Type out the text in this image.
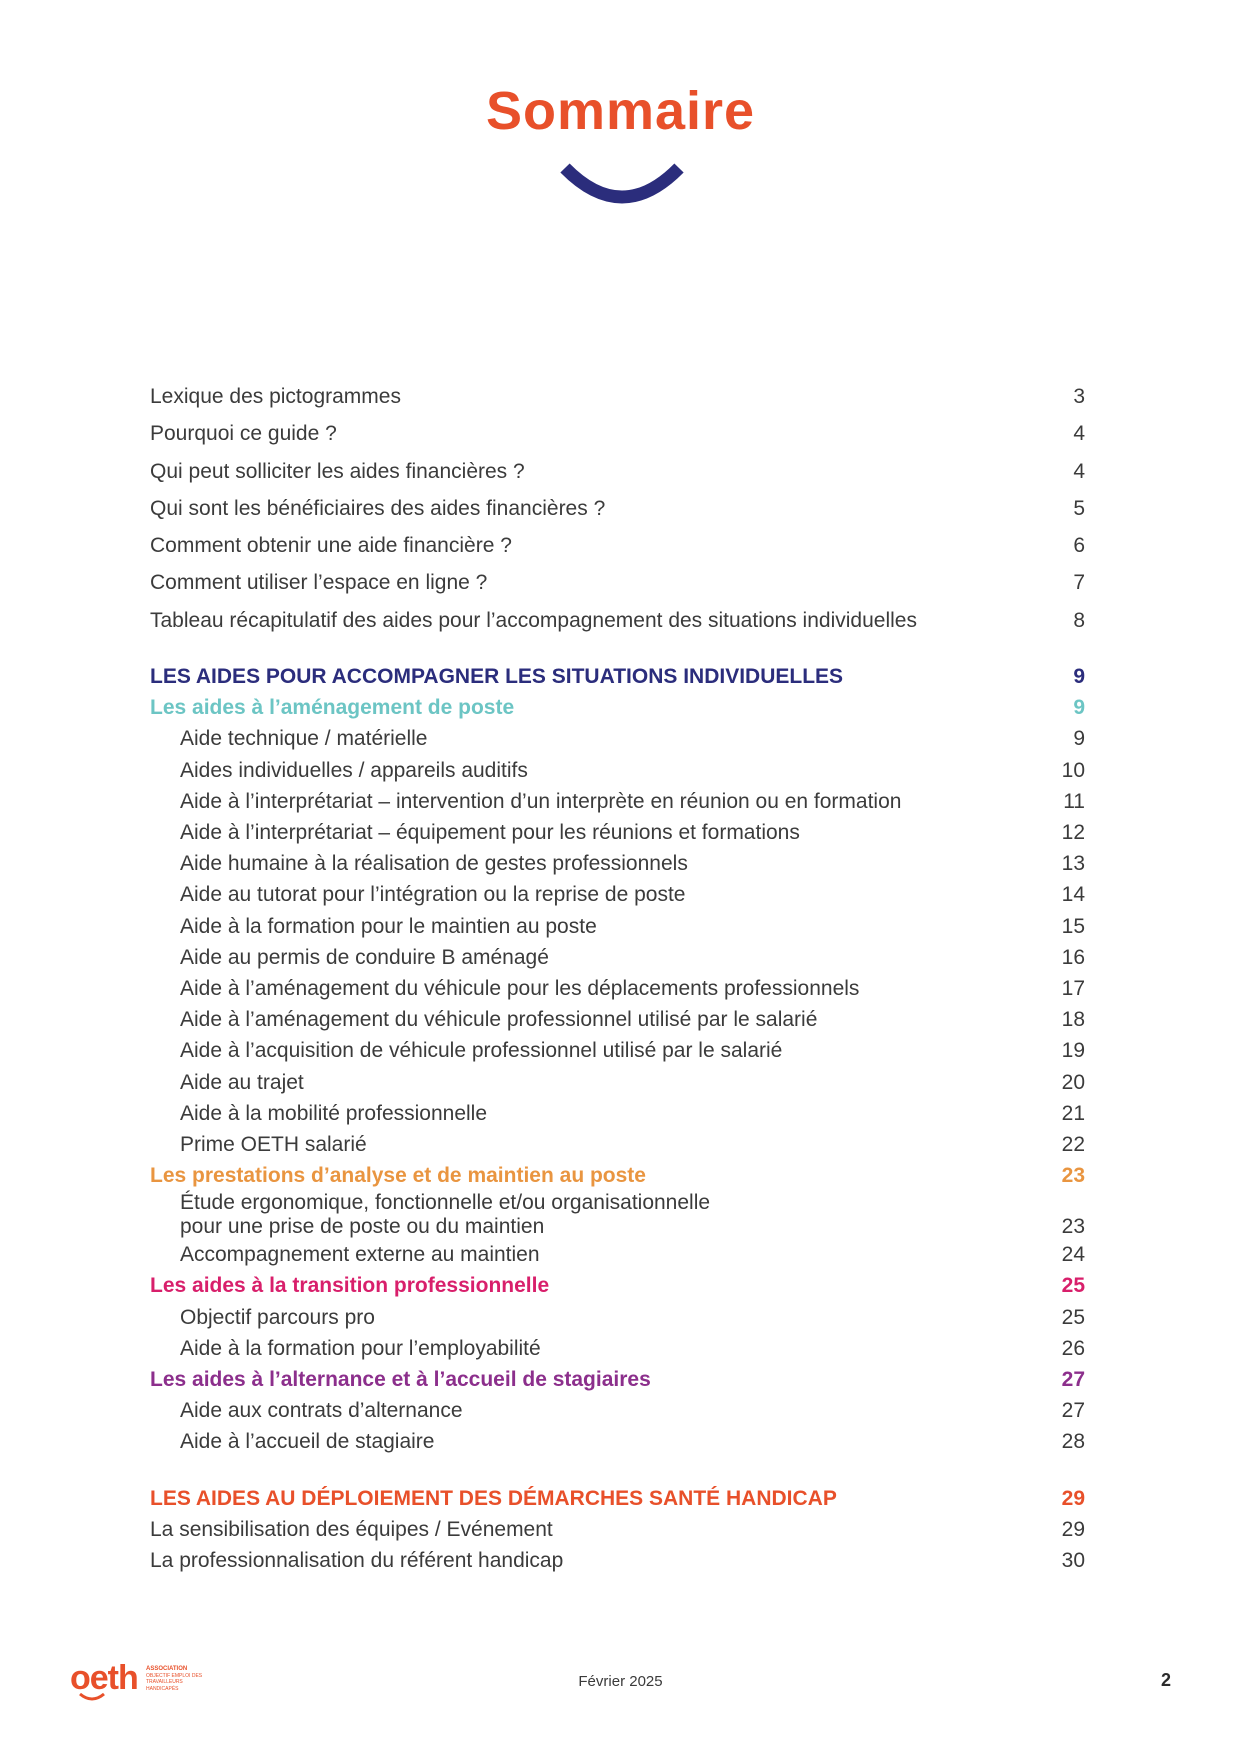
Sommaire
Lexique des pictogrammes	3
Pourquoi ce guide ?	4
Qui peut solliciter les aides financières ?	4
Qui sont les bénéficiaires des aides financières ?	5
Comment obtenir une aide financière ?	6
Comment utiliser l’espace en ligne ?	7
Tableau récapitulatif des aides pour l’accompagnement des situations individuelles	8
LES AIDES POUR ACCOMPAGNER LES SITUATIONS INDIVIDUELLES	9
Les aides à l’aménagement de poste	9
Aide technique / matérielle	9
Aides individuelles / appareils auditifs	10
Aide à l’interprétariat – intervention d’un interprète en réunion ou en formation	11
Aide à l’interprétariat – équipement pour les réunions et formations	12
Aide humaine à la réalisation de gestes professionnels	13
Aide au tutorat pour l’intégration ou la reprise de poste	14
Aide à la formation pour le maintien au poste	15
Aide au permis de conduire B aménagé	16
Aide à l’aménagement du véhicule pour les déplacements professionnels	17
Aide à l’aménagement du véhicule professionnel utilisé par le salarié	18
Aide à l’acquisition de véhicule professionnel utilisé par le salarié	19
Aide au trajet	20
Aide à la mobilité professionnelle	21
Prime OETH salarié	22
Les prestations d’analyse et de maintien au poste	23
Étude ergonomique, fonctionnelle et/ou organisationnelle
pour une prise de poste ou du maintien	23
Accompagnement externe au maintien	24
Les aides à la transition professionnelle	25
Objectif parcours pro	25
Aide à la formation pour l’employabilité	26
Les aides à l’alternance et à l’accueil de stagiaires	27
Aide aux contrats d’alternance	27
Aide à l’accueil de stagiaire	28
LES AIDES AU DÉPLOIEMENT DES DÉMARCHES SANTÉ HANDICAP	29
La sensibilisation des équipes / Evénement	29
La professionnalisation du référent handicap	30
oeth ASSOCIATION
OBJECTIF EMPLOI DES TRAVAILLEURS HANDICAPÉS	Février 2025	2
